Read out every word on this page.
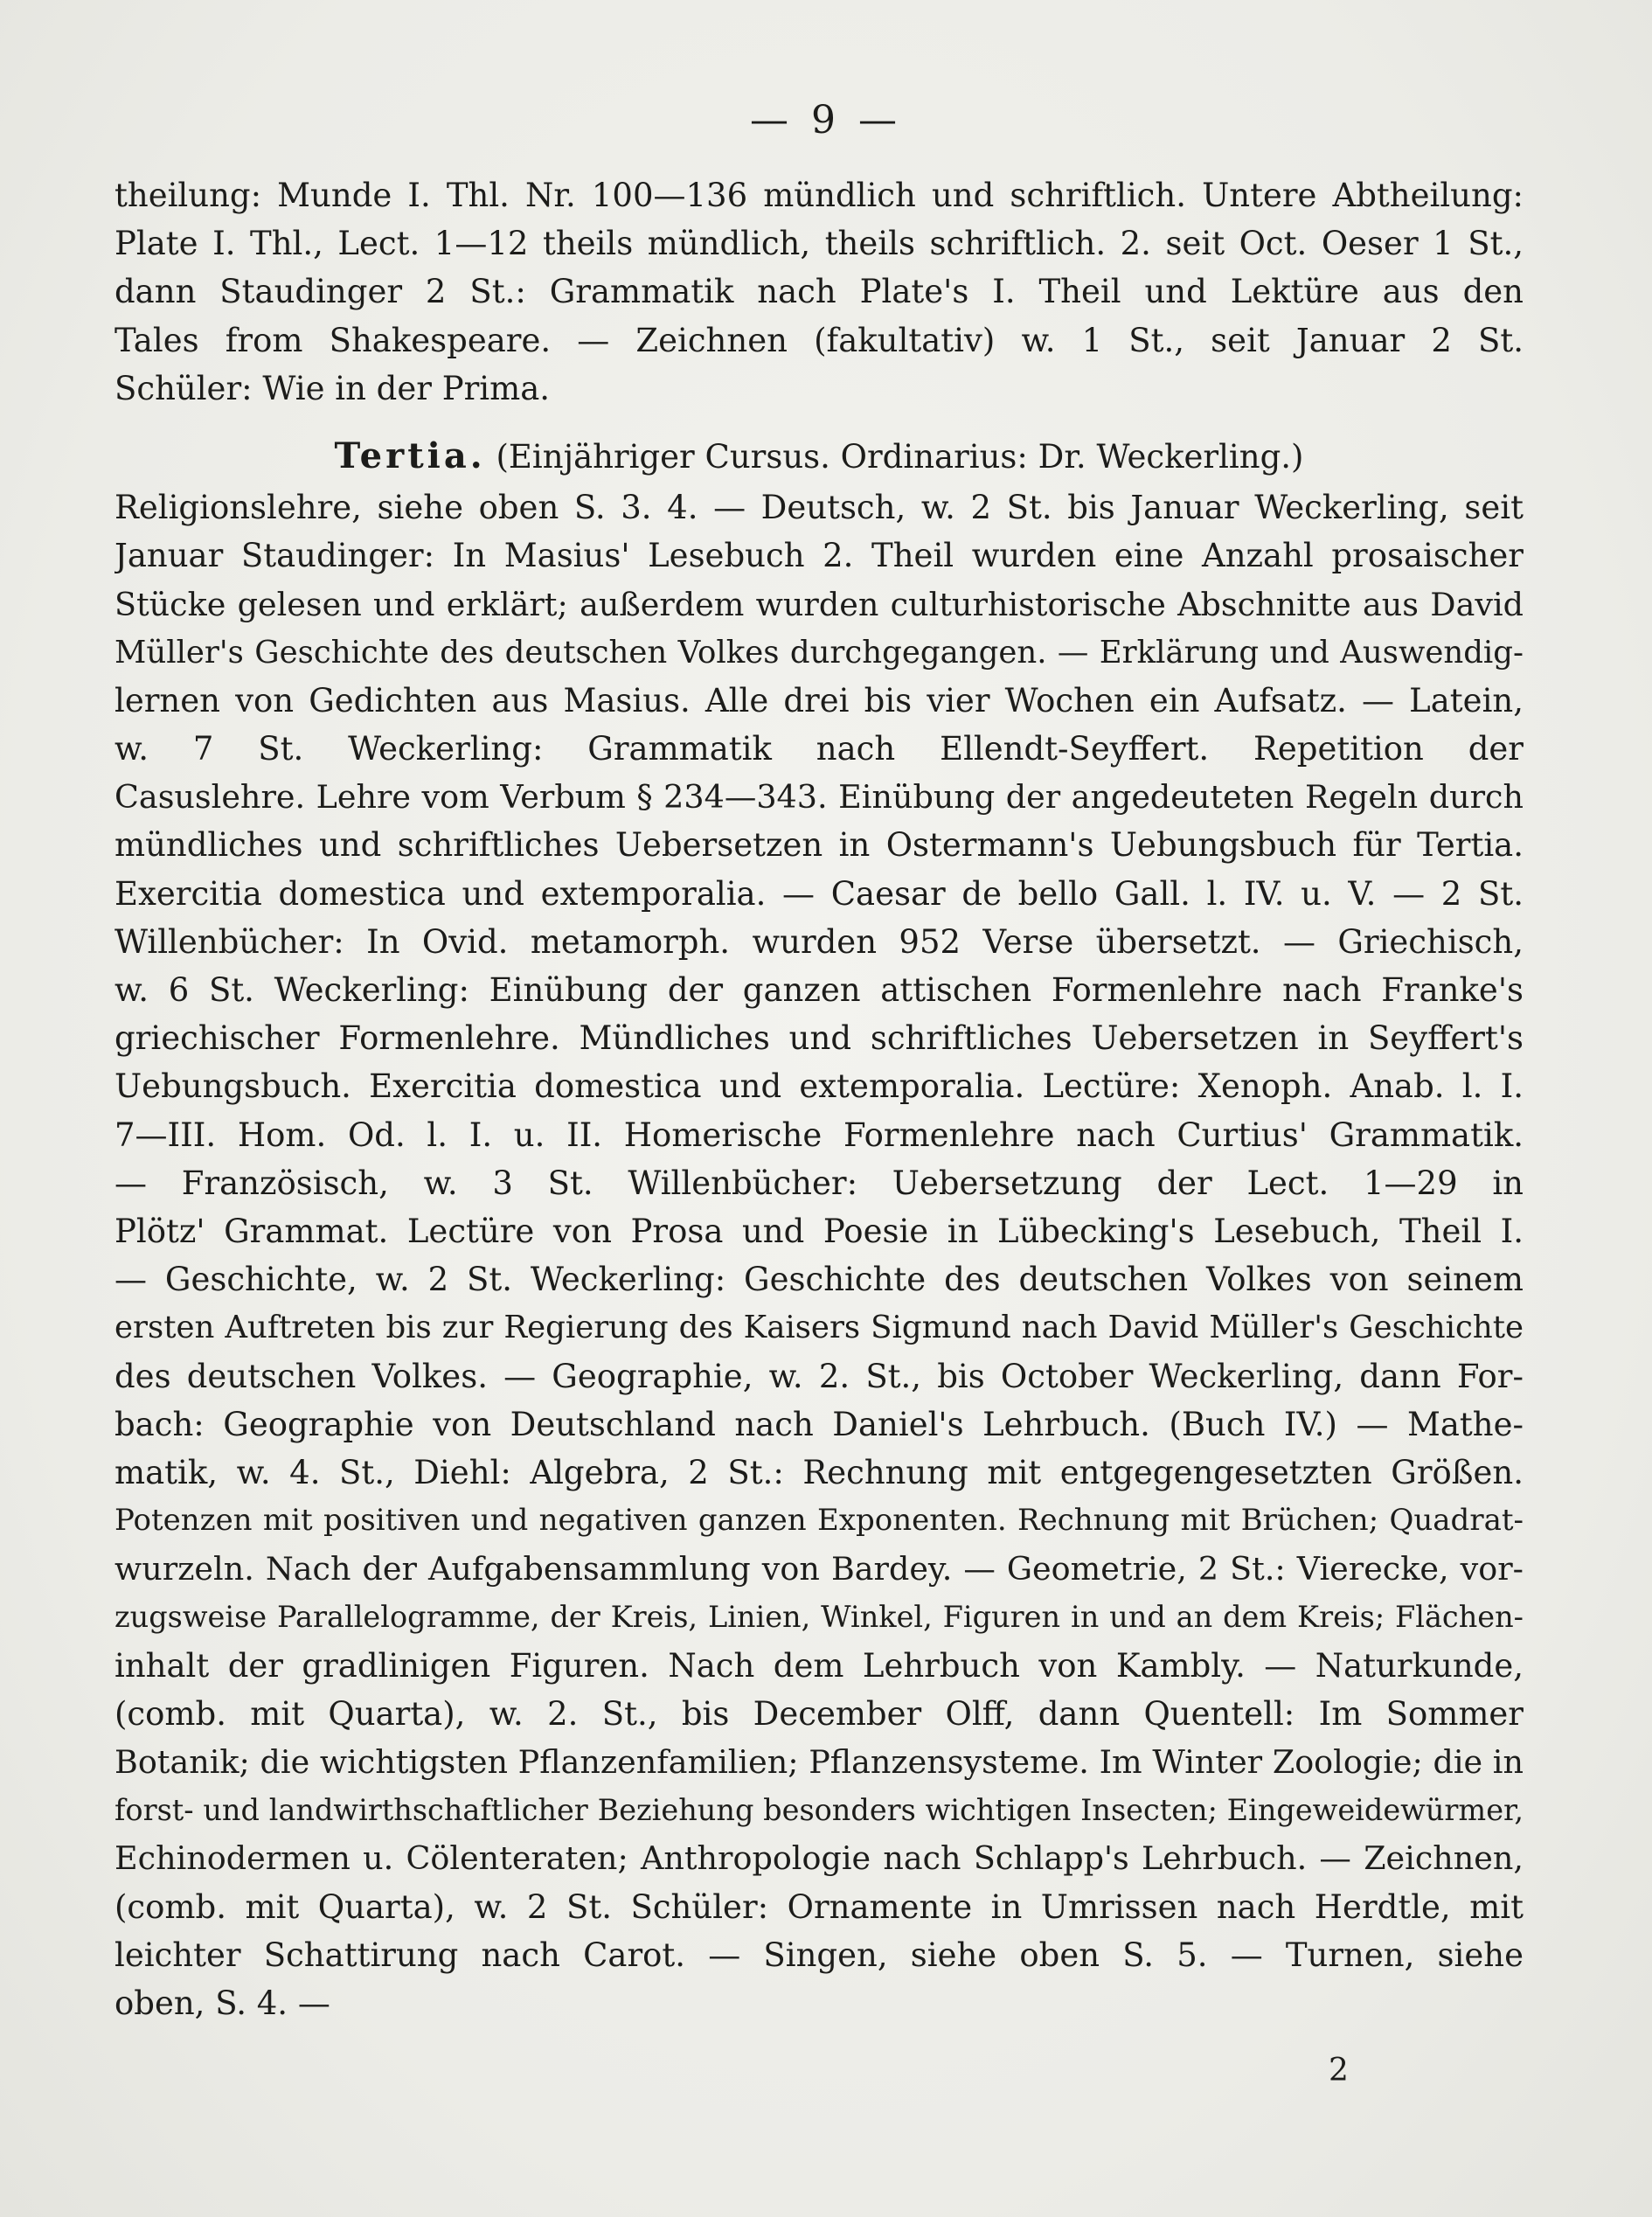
— 9 —
theilung: Munde I. Thl. Nr. 100—136 mündlich und schriftlich. Untere Abtheilung:
Plate I. Thl., Lect. 1—12 theils mündlich, theils schriftlich. 2. seit Oct. Oeser 1 St.,
dann Staudinger 2 St.: Grammatik nach Plate's I. Theil und Lektüre aus den
Tales from Shakespeare. — Zeichnen (fakultativ) w. 1 St., seit Januar 2 St.
Schüler: Wie in der Prima.
Tertia. (Einjähriger Cursus. Ordinarius: Dr. Weckerling.)
Religionslehre, siehe oben S. 3. 4. — Deutsch, w. 2 St. bis Januar Weckerling, seit
Januar Staudinger: In Masius' Lesebuch 2. Theil wurden eine Anzahl prosaischer
Stücke gelesen und erklärt; außerdem wurden culturhistorische Abschnitte aus David
Müller's Geschichte des deutschen Volkes durchgegangen. — Erklärung und Auswendig-
lernen von Gedichten aus Masius. Alle drei bis vier Wochen ein Aufsatz. — Latein,
w. 7 St. Weckerling: Grammatik nach Ellendt-Seyffert. Repetition der
Casuslehre. Lehre vom Verbum § 234—343. Einübung der angedeuteten Regeln durch
mündliches und schriftliches Uebersetzen in Ostermann's Uebungsbuch für Tertia.
Exercitia domestica und extemporalia. — Caesar de bello Gall. l. IV. u. V. — 2 St.
Willenbücher: In Ovid. metamorph. wurden 952 Verse übersetzt. — Griechisch,
w. 6 St. Weckerling: Einübung der ganzen attischen Formenlehre nach Franke's
griechischer Formenlehre. Mündliches und schriftliches Uebersetzen in Seyffert's
Uebungsbuch. Exercitia domestica und extemporalia. Lectüre: Xenoph. Anab. l. I.
7—III. Hom. Od. l. I. u. II. Homerische Formenlehre nach Curtius' Grammatik.
— Französisch, w. 3 St. Willenbücher: Uebersetzung der Lect. 1—29 in
Plötz' Grammat. Lectüre von Prosa und Poesie in Lübecking's Lesebuch, Theil I.
— Geschichte, w. 2 St. Weckerling: Geschichte des deutschen Volkes von seinem
ersten Auftreten bis zur Regierung des Kaisers Sigmund nach David Müller's Geschichte
des deutschen Volkes. — Geographie, w. 2. St., bis October Weckerling, dann For-
bach: Geographie von Deutschland nach Daniel's Lehrbuch. (Buch IV.) — Mathe-
matik, w. 4. St., Diehl: Algebra, 2 St.: Rechnung mit entgegengesetzten Größen.
Potenzen mit positiven und negativen ganzen Exponenten. Rechnung mit Brüchen; Quadrat-
wurzeln. Nach der Aufgabensammlung von Bardey. — Geometrie, 2 St.: Vierecke, vor-
zugsweise Parallelogramme, der Kreis, Linien, Winkel, Figuren in und an dem Kreis; Flächen-
inhalt der gradlinigen Figuren. Nach dem Lehrbuch von Kambly. — Naturkunde,
(comb. mit Quarta), w. 2. St., bis December Olff, dann Quentell: Im Sommer
Botanik; die wichtigsten Pflanzenfamilien; Pflanzensysteme. Im Winter Zoologie; die in
forst- und landwirthschaftlicher Beziehung besonders wichtigen Insecten; Eingeweidewürmer,
Echinodermen u. Cölenteraten; Anthropologie nach Schlapp's Lehrbuch. — Zeichnen,
(comb. mit Quarta), w. 2 St. Schüler: Ornamente in Umrissen nach Herdtle, mit
leichter Schattirung nach Carot. — Singen, siehe oben S. 5. — Turnen, siehe
oben, S. 4. —
2
